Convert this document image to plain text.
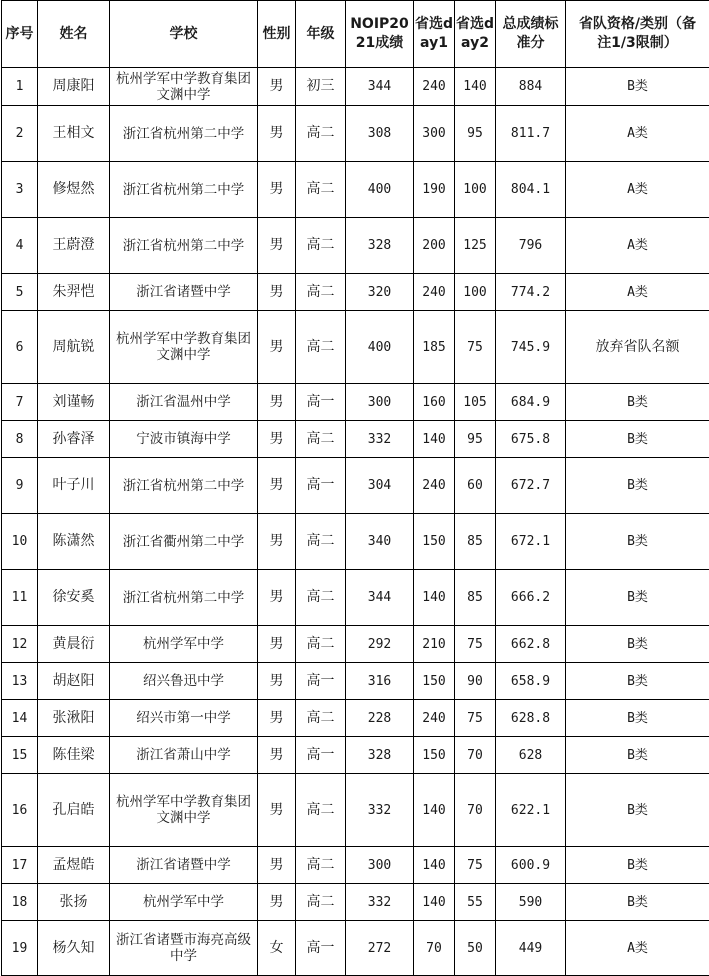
序号	姓名	学校	性别	年级	NOIP2021成绩	省选day1	省选day2	总成绩标准分	省队资格/类别（备注1/3限制）
1	周康阳	杭州学军中学教育集团文渊中学	男	初三	344	240	140	884	B类
2	王相文	浙江省杭州第二中学	男	高二	308	300	95	811.7	A类
3	修煜然	浙江省杭州第二中学	男	高二	400	190	100	804.1	A类
4	王蔚澄	浙江省杭州第二中学	男	高二	328	200	125	796	A类
5	朱羿恺	浙江省诸暨中学	男	高二	320	240	100	774.2	A类
6	周航锐	杭州学军中学教育集团文渊中学	男	高二	400	185	75	745.9	放弃省队名额
7	刘谨畅	浙江省温州中学	男	高一	300	160	105	684.9	B类
8	孙睿泽	宁波市镇海中学	男	高二	332	140	95	675.8	B类
9	叶子川	浙江省杭州第二中学	男	高一	304	240	60	672.7	B类
10	陈潇然	浙江省衢州第二中学	男	高二	340	150	85	672.1	B类
11	徐安奚	浙江省杭州第二中学	男	高二	344	140	85	666.2	B类
12	黄晨衍	杭州学军中学	男	高二	292	210	75	662.8	B类
13	胡赵阳	绍兴鲁迅中学	男	高一	316	150	90	658.9	B类
14	张湫阳	绍兴市第一中学	男	高二	228	240	75	628.8	B类
15	陈佳梁	浙江省萧山中学	男	高一	328	150	70	628	B类
16	孔启皓	杭州学军中学教育集团文渊中学	男	高二	332	140	70	622.1	B类
17	孟煜皓	浙江省诸暨中学	男	高二	300	140	75	600.9	B类
18	张扬	杭州学军中学	男	高二	332	140	55	590	B类
19	杨久知	浙江省诸暨市海亮高级中学	女	高一	272	70	50	449	A类
